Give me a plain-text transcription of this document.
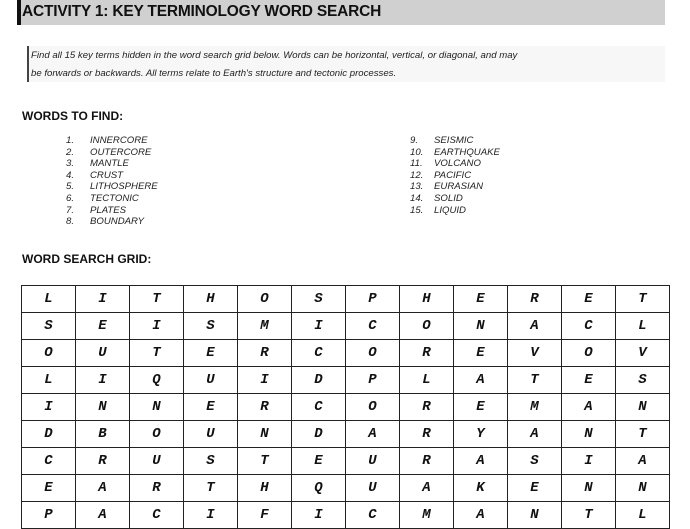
ACTIVITY 1: KEY TERMINOLOGY WORD SEARCH
Find all 15 key terms hidden in the word search grid below. Words can be horizontal, vertical, or diagonal, and may
be forwards or backwards. All terms relate to Earth's structure and tectonic processes.
WORDS TO FIND:
1. INNERCORE
2. OUTERCORE
3. MANTLE
4. CRUST
5. LITHOSPHERE
6. TECTONIC
7. PLATES
8. BOUNDARY
9. SEISMIC
10. EARTHQUAKE
11. VOLCANO
12. PACIFIC
13. EURASIAN
14. SOLID
15. LIQUID
WORD SEARCH GRID:
L	I	T	H	O	S	P	H	E	R	E	T
S	E	I	S	M	I	C	O	N	A	C	L
O	U	T	E	R	C	O	R	E	V	O	V
L	I	Q	U	I	D	P	L	A	T	E	S
I	N	N	E	R	C	O	R	E	M	A	N
D	B	O	U	N	D	A	R	Y	A	N	T
C	R	U	S	T	E	U	R	A	S	I	A
E	A	R	T	H	Q	U	A	K	E	N	N
P	A	C	I	F	I	C	M	A	N	T	L
